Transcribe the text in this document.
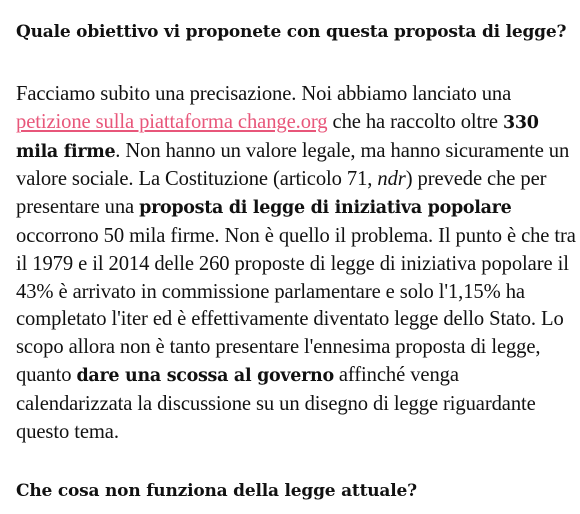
Quale obiettivo vi proponete con questa proposta di legge?

Facciamo subito una precisazione. Noi abbiamo lanciato una petizione sulla piattaforma change.org che ha raccolto oltre 330 mila firme. Non hanno un valore legale, ma hanno sicuramente un valore sociale. La Costituzione (articolo 71, ndr) prevede che per presentare una proposta di legge di iniziativa popolare occorrono 50 mila firme. Non è quello il problema. Il punto è che tra il 1979 e il 2014 delle 260 proposte di legge di iniziativa popolare il 43% è arrivato in commissione parlamentare e solo l'1,15% ha completato l'iter ed è effettivamente diventato legge dello Stato. Lo scopo allora non è tanto presentare l'ennesima proposta di legge, quanto dare una scossa al governo affinché venga calendarizzata la discussione su un disegno di legge riguardante questo tema.

Che cosa non funziona della legge attuale?
